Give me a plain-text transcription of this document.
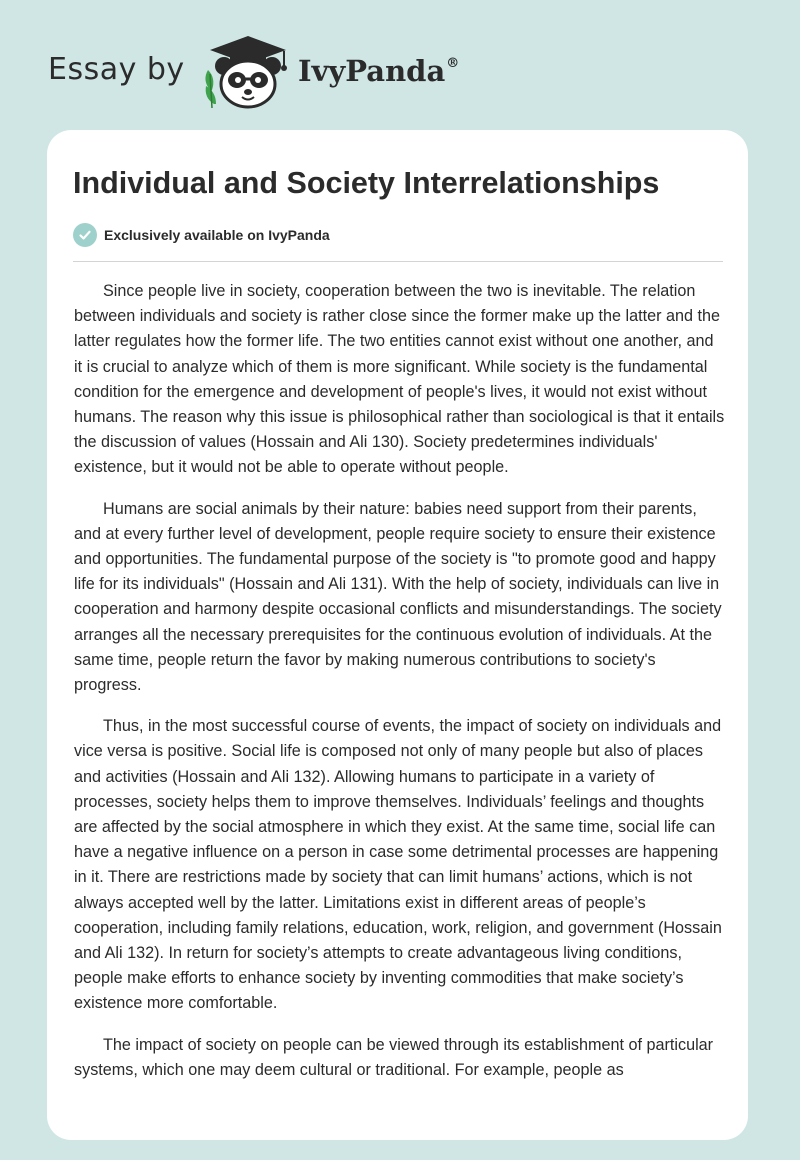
Essay by	IvyPanda®
Individual and Society Interrelationships
Exclusively available on IvyPanda

Since people live in society, cooperation between the two is inevitable. The relation between individuals and society is rather close since the former make up the latter and the latter regulates how the former life. The two entities cannot exist without one another, and it is crucial to analyze which of them is more significant. While society is the fundamental condition for the emergence and development of people's lives, it would not exist without humans. The reason why this issue is philosophical rather than sociological is that it entails the discussion of values (Hossain and Ali 130). Society predetermines individuals' existence, but it would not be able to operate without people.

Humans are social animals by their nature: babies need support from their parents, and at every further level of development, people require society to ensure their existence and opportunities. The fundamental purpose of the society is "to promote good and happy life for its individuals" (Hossain and Ali 131). With the help of society, individuals can live in cooperation and harmony despite occasional conflicts and misunderstandings. The society arranges all the necessary prerequisites for the continuous evolution of individuals. At the same time, people return the favor by making numerous contributions to society's progress.

Thus, in the most successful course of events, the impact of society on individuals and vice versa is positive. Social life is composed not only of many people but also of places and activities (Hossain and Ali 132). Allowing humans to participate in a variety of processes, society helps them to improve themselves. Individuals’ feelings and thoughts are affected by the social atmosphere in which they exist. At the same time, social life can have a negative influence on a person in case some detrimental processes are happening in it. There are restrictions made by society that can limit humans’ actions, which is not always accepted well by the latter. Limitations exist in different areas of people’s cooperation, including family relations, education, work, religion, and government (Hossain and Ali 132). In return for society’s attempts to create advantageous living conditions, people make efforts to enhance society by inventing commodities that make society’s existence more comfortable.

The impact of society on people can be viewed through its establishment of particular systems, which one may deem cultural or traditional. For example, people as
